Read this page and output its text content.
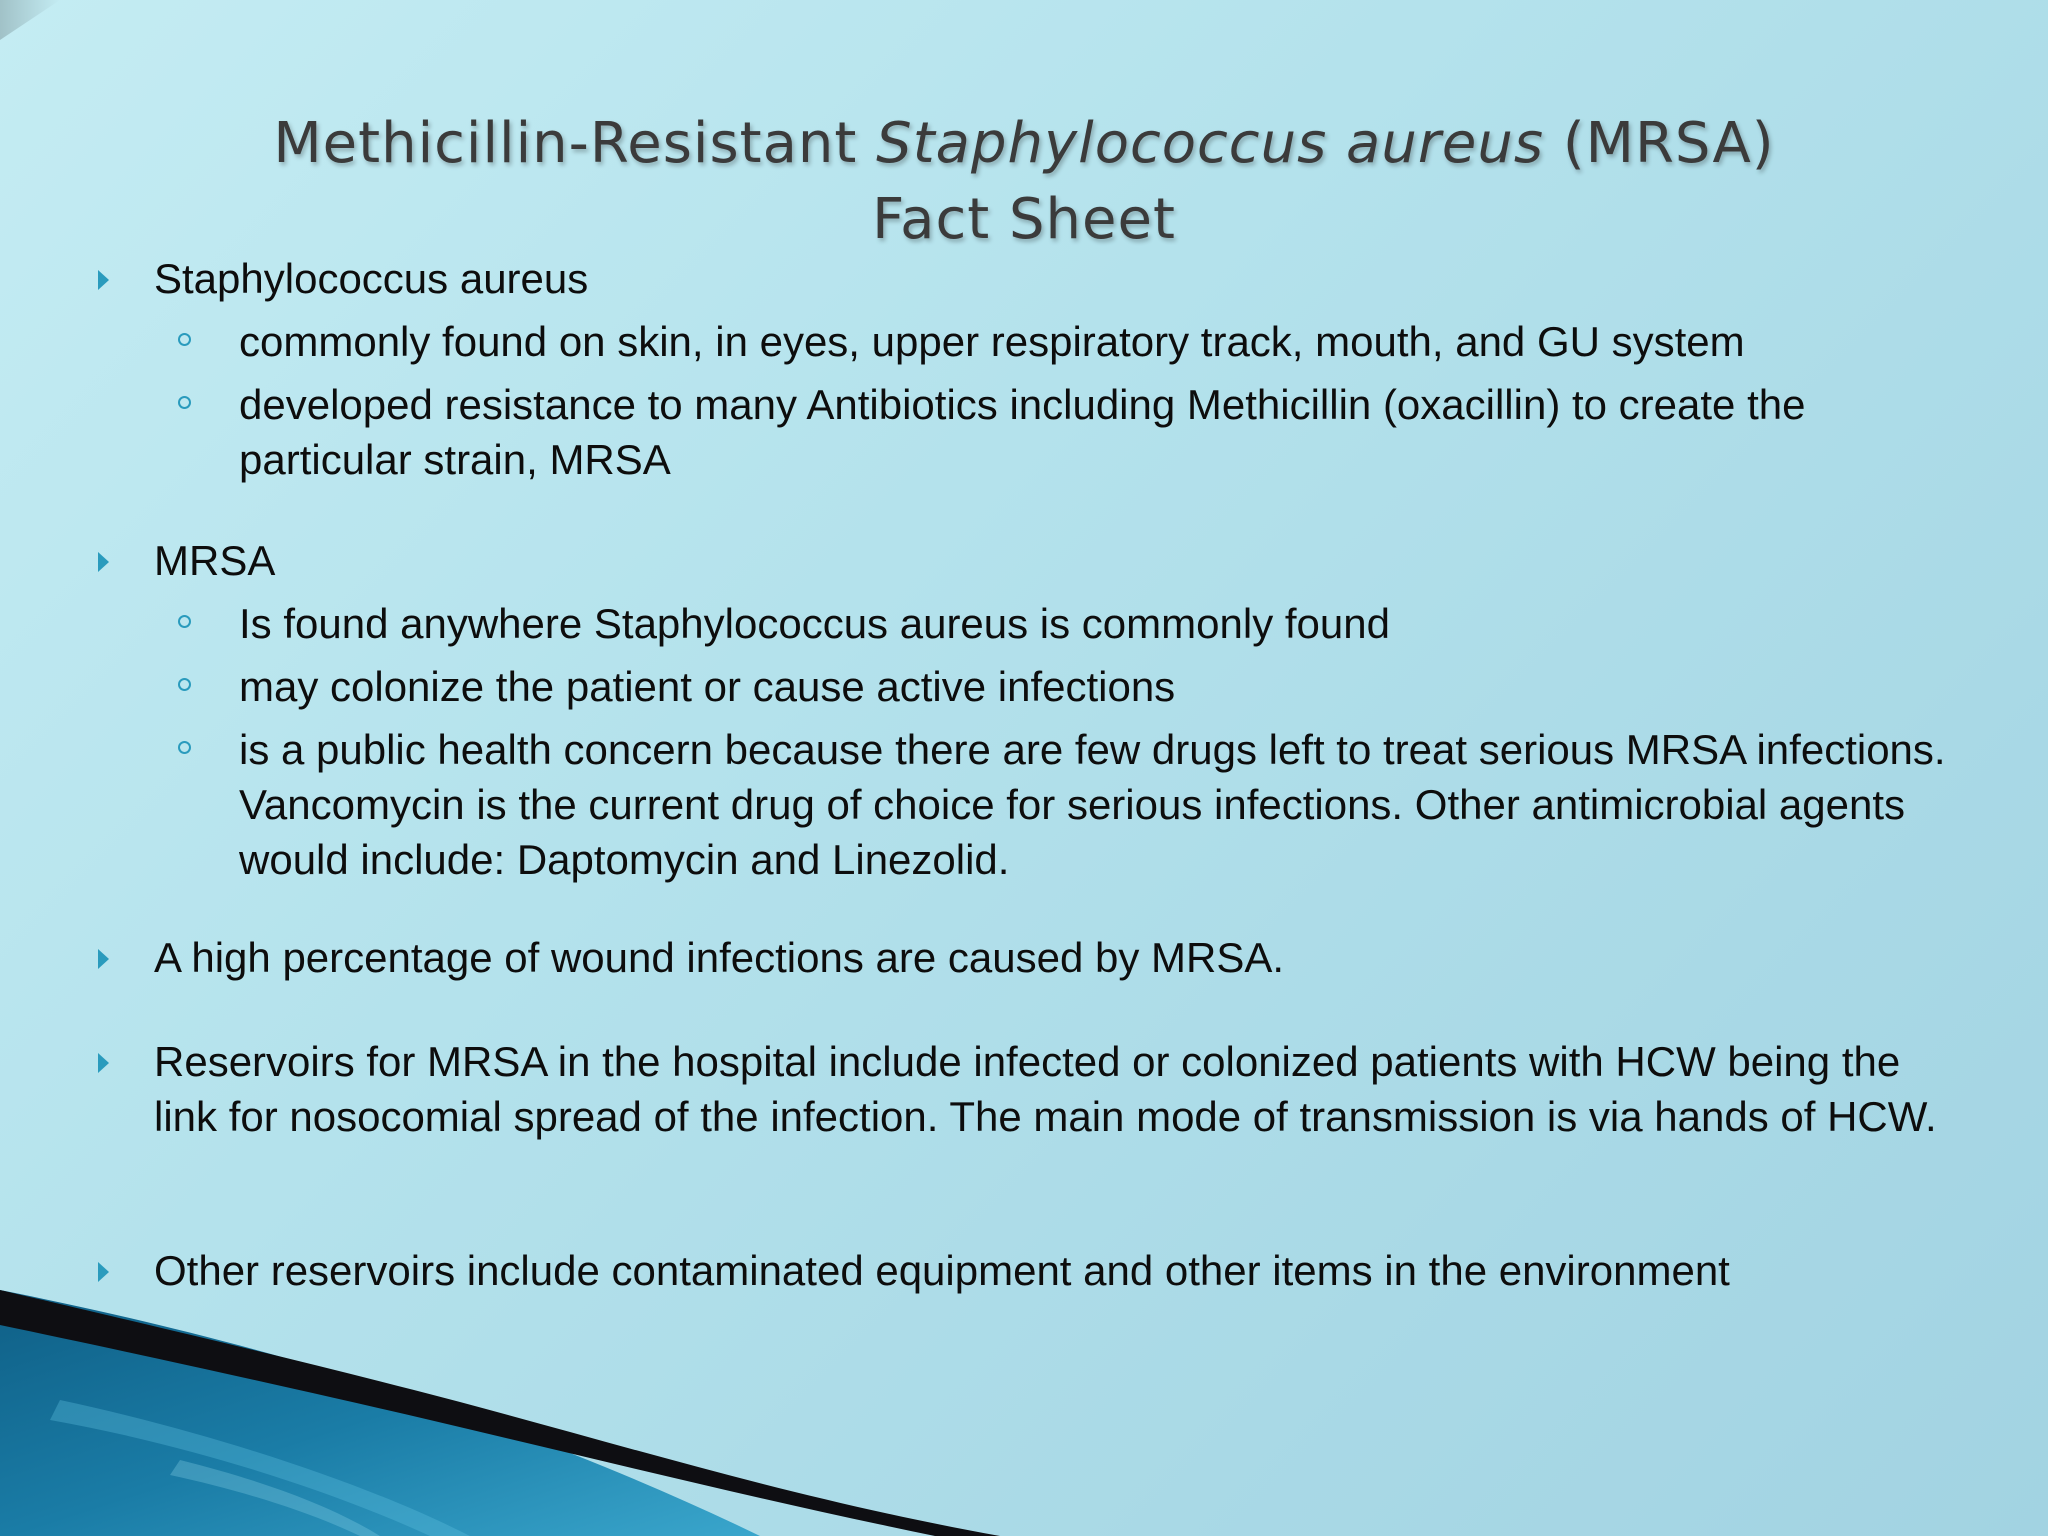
Methicillin-Resistant Staphylococcus aureus (MRSA)
Fact Sheet
Staphylococcus aureus
commonly found on skin, in eyes, upper respiratory track, mouth, and GU system
developed resistance to many Antibiotics including Methicillin (oxacillin) to create the particular strain, MRSA
MRSA
Is found anywhere Staphylococcus aureus is commonly found
may colonize the patient or cause active infections
is a public health concern because there are few drugs left to treat serious MRSA infections. Vancomycin is the current drug of choice for serious infections. Other antimicrobial agents would include: Daptomycin and Linezolid.
A high percentage of wound infections are caused by MRSA.
Reservoirs for MRSA in the hospital include infected or colonized patients with HCW being the link for nosocomial spread of the infection. The main mode of transmission is via hands of HCW.
Other reservoirs include contaminated equipment and other items in the environment
